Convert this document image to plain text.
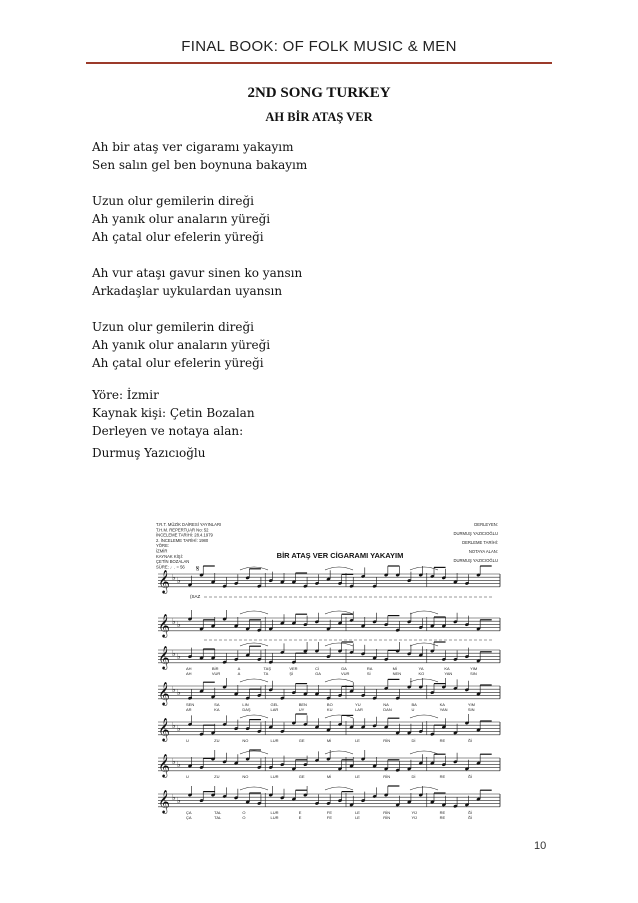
FINAL BOOK: OF FOLK MUSIC & MEN
2ND SONG TURKEY
AH BİR ATAŞ VER
Ah bir ataş ver cigaramı yakayım
Sen salın gel ben boynuna bakayım
Uzun olur gemilerin direği
Ah yanık olur anaların yüreği
Ah çatal olur efelerin yüreği
Ah vur ataşı gavur sinen ko yansın
Arkadaşlar uykulardan uyansın
Uzun olur gemilerin direği
Ah yanık olur anaların yüreği
Ah çatal olur efelerin yüreği
Yöre: İzmir
Kaynak kişi: Çetin Bozalan
Derleyen ve notaya alan:
Durmuş Yazıcıoğlu
T.R.T. MÜZİK DAİRESİ YAYINLARI
T.H.M. REPERTUAR No: 52
İNCELEME TARİHİ: 28.4.1979
2. İNCELEME TARİHİ: 1980
YÖRE:
İZMİR
KAYNAK KİŞİ:
ÇETİN BOZALAN
SÜRE: ♩. = 56
DERLEYEN:
DURMUŞ YAZICIOĞLU
DERLEME TARİHİ:
NOTAYA ALAN:
DURMUŞ YAZICIOĞLU
BİR ATAŞ VER CİGARAMI YAKAYIM
𝄞 ♭ ♭
𝄞 ♭ ♭
𝄞 ♭ ♭
𝄞 ♭ ♭
𝄞 ♭ ♭
𝄞 ♭ ♭
𝄞 ♭ ♭
𝄋
(SAZ
AH	BİR	A	TAŞ	VER	Cİ	GA	RA	Mİ	YA	KA	YIM
AH	VUR	A	TA	Şİ	GA	VUR	Sİ	NEN	KO	YAN	SIN
SEN	SA	LIN	GEL	BEN	BO	YU	NA	BA	KA	YIM
AR	KA	DAŞ	LAR	UY	KU	LAR	DAN	U	YAN	SIN
U	ZU	NO	LUR	GE	Mİ	LE	RİN	Dİ	RE	Ğİ
U	ZU	NO	LUR	GE	Mİ	LE	RİN	Dİ	RE	Ğİ
ÇA	TAL	O	LUR	E	FE	LE	RİN	YÜ	RE	Ğİ
ÇA	TAL	O	LUR	E	FE	LE	RİN	YÜ	RE	Ğİ
10
